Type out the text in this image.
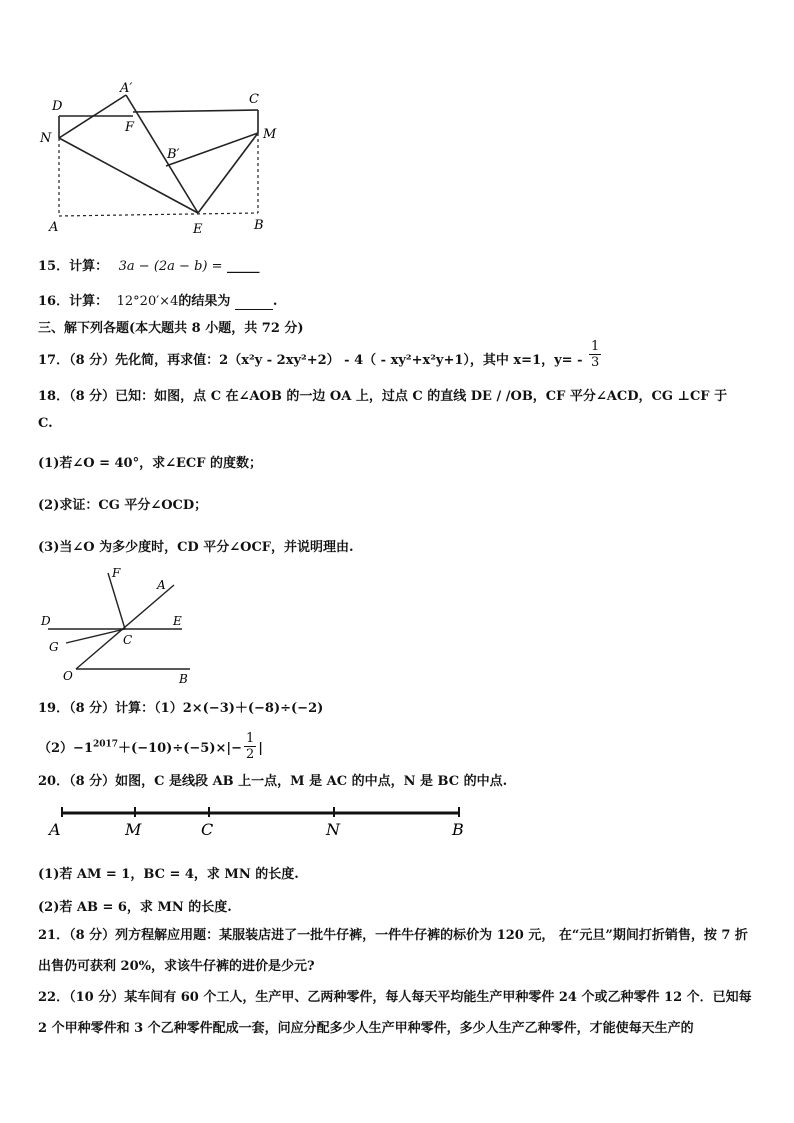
D
A′
C
F
N	M
B′
A	E	B
15．计算： 3a − (2a − b) = _____
16．计算： 12°20′×4的结果为	.
三、解下列各题(本大题共 8 小题，共 72 分)
17．（8 分）先化简，再求值：2（x²y - 2xy²+2） - 4（ - xy²+x²y+1），其中 x=1，$y= - \frac{1}{3}$
18．（8 分）已知：如图，点 C 在∠AOB 的一边 OA 上，过点 C 的直线 DE / /OB，CF 平分∠ACD，CG ⊥CF 于
C.
(1)若∠O = 40°，求∠ECF 的度数；
(2)求证：CG 平分∠OCD；
(3)当∠O 为多少度时，CD 平分∠OCF，并说明理由.
F
A
D	E
C
G
O	B
19．（8 分）计算：（1）2×(−3)＋(−8)÷(−2)
$(2)-1^{2017}+(-10)\div(-5)\times|- \frac{1}{2}$ |
20．（8 分）如图，C 是线段 AB 上一点，M 是 AC 的中点，N 是 BC 的中点.
A	M	C	N	B
(1)若 AM = 1，BC = 4，求 MN 的长度.
(2)若 AB = 6，求 MN 的长度.
21．（8 分）列方程解应用题：某服装店进了一批牛仔裤，一件牛仔裤的标价为 120 元， 在“元旦”期间打折销售，按 7 折出售仍可获利 20%，求该牛仔裤的进价是少元?
22．（10 分）某车间有 60 个工人，生产甲、乙两种零件，每人每天平均能生产甲种零件 24 个或乙种零件 12 个．已知每 2 个甲种零件和 3 个乙种零件配成一套，问应分配多少人生产甲种零件，多少人生产乙种零件，才能使每天生产的
